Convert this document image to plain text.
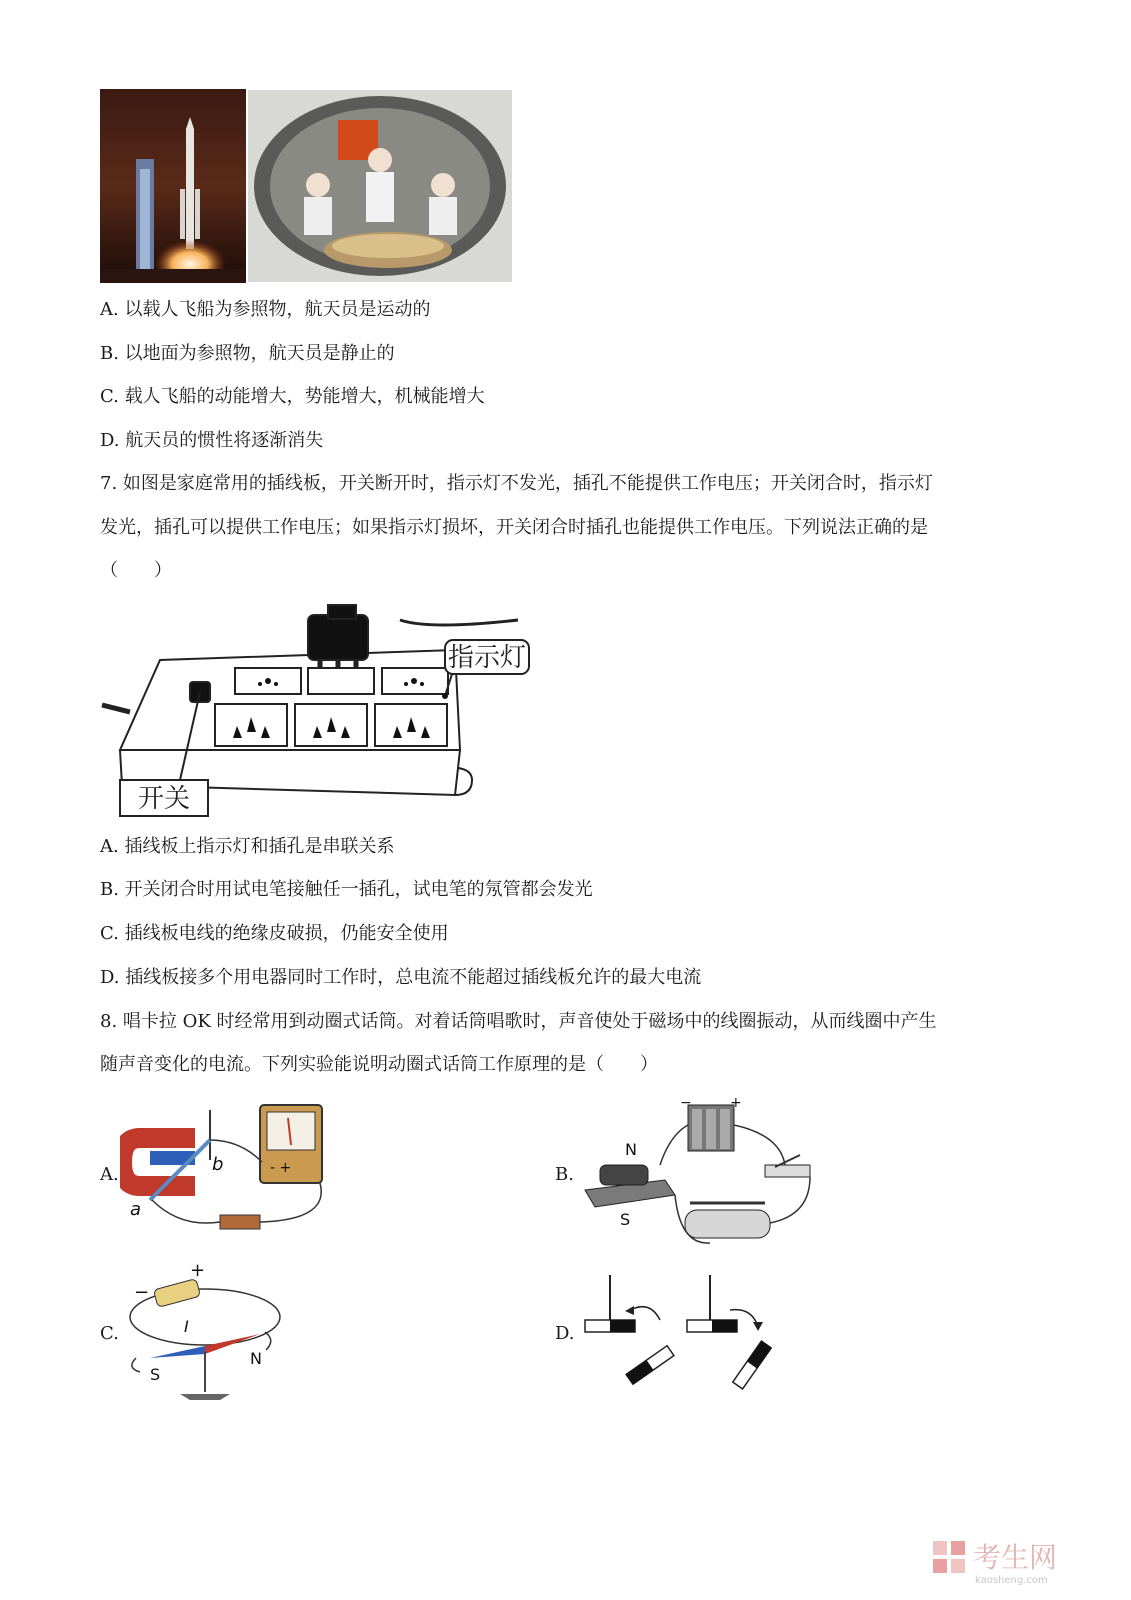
A. 以载人飞船为参照物，航天员是运动的
B. 以地面为参照物，航天员是静止的
C. 载人飞船的动能增大，势能增大，机械能增大
D. 航天员的惯性将逐渐消失
7. 如图是家庭常用的插线板，开关断开时，指示灯不发光，插孔不能提供工作电压；开关闭合时，指示灯
发光，插孔可以提供工作电压；如果指示灯损坏，开关闭合时插孔也能提供工作电压。下列说法正确的是
（　　）
指示灯
开关
A. 插线板上指示灯和插孔是串联关系
B. 开关闭合时用试电笔接触任一插孔，试电笔的氖管都会发光
C. 插线板电线的绝缘皮破损，仍能安全使用
D. 插线板接多个用电器同时工作时，总电流不能超过插线板允许的最大电流
8. 唱卡拉 OK 时经常用到动圈式话筒。对着话筒唱歌时，声音使处于磁场中的线圈振动，从而线圈中产生
随声音变化的电流。下列实验能说明动圈式话筒工作原理的是（　　）
A.	B.
C.	D.
- +
b
a
−	+
N
S
+
−
I
S
N
考生网
kaosheng.com
